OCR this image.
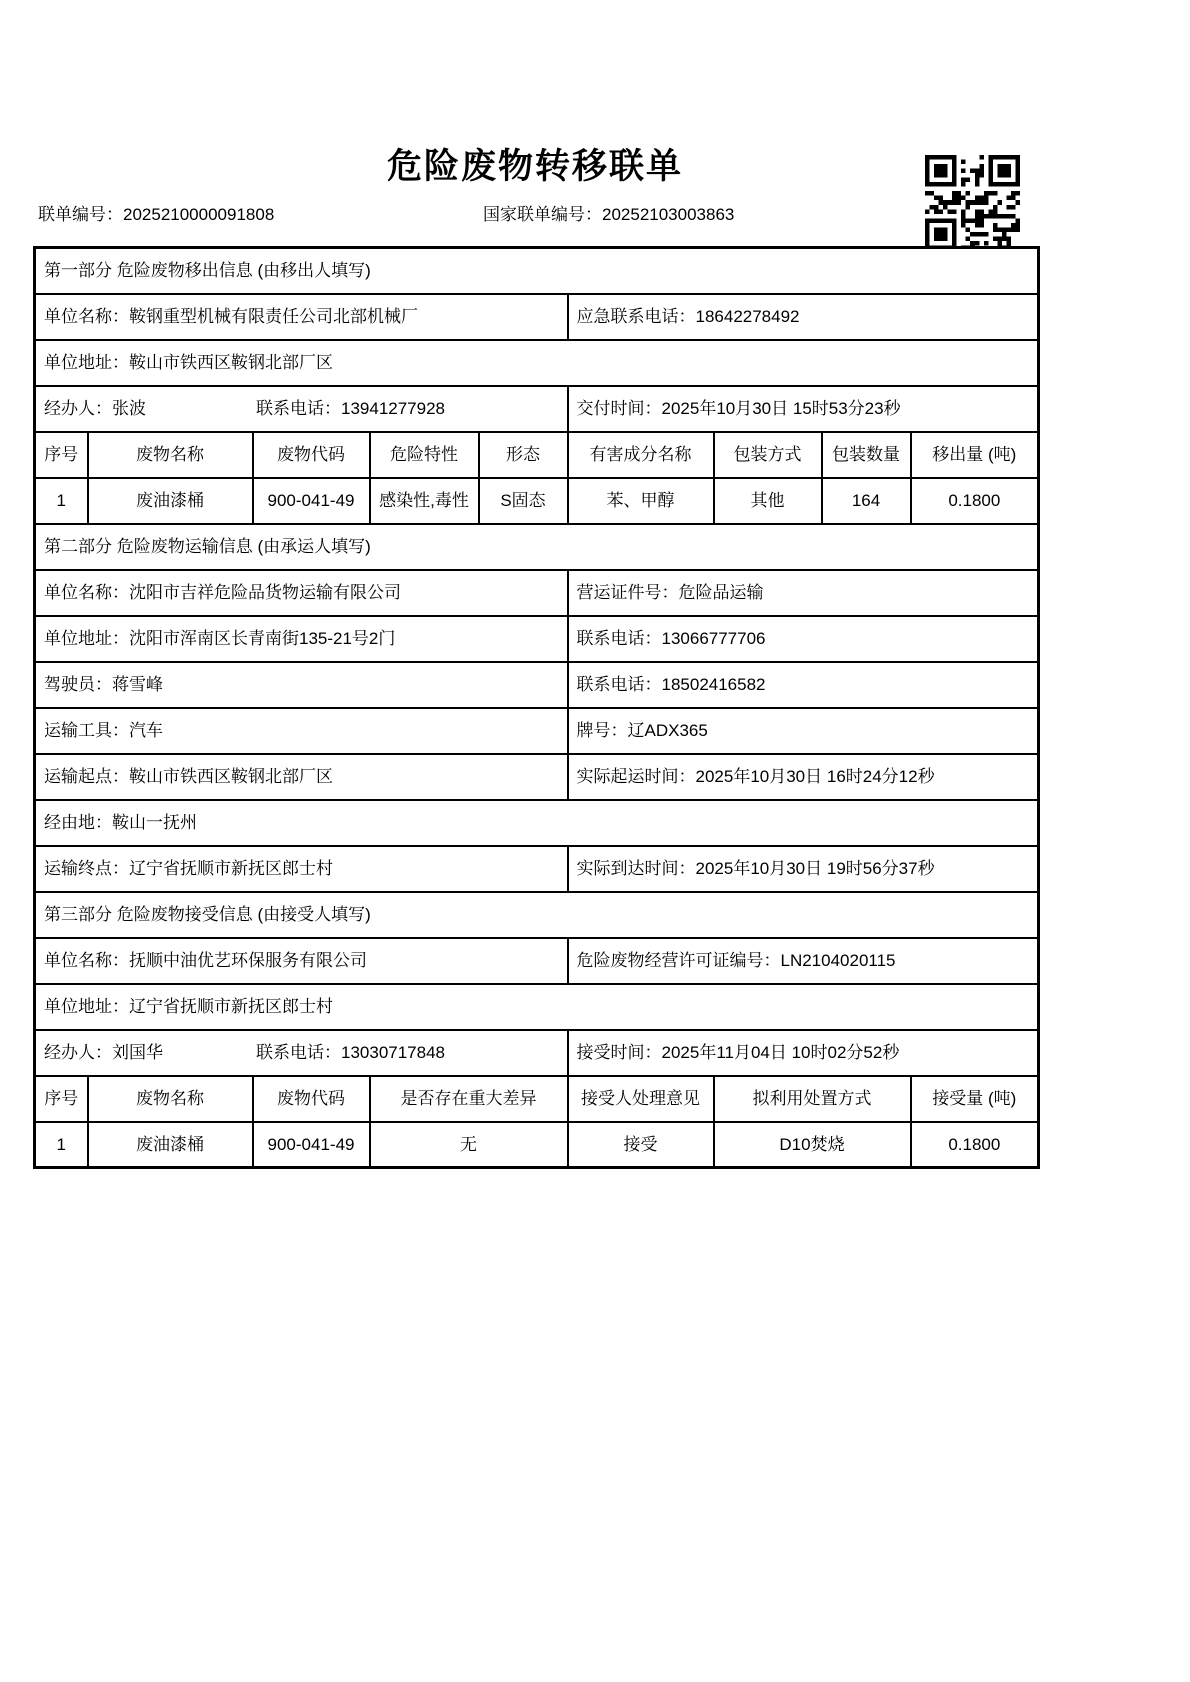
危险废物转移联单
联单编号：2025210000091808	国家联单编号：20252103003863
第一部分 危险废物移出信息 (由移出人填写)								
单位名称：鞍钢重型机械有限责任公司北部机械厂					应急联系电话：18642278492			
单位地址：鞍山市铁西区鞍钢北部厂区								
经办人：张波 联系电话：13941277928					交付时间：2025年10月30日 15时53分23秒			
序号	废物名称	废物代码	危险特性	形态	有害成分名称	包装方式	包装数量	移出量 (吨)
1	废油漆桶	900-041-49	感染性,毒性	S固态	苯、甲醇	其他	164	0.1800
第二部分 危险废物运输信息 (由承运人填写)								
单位名称：沈阳市吉祥危险品货物运输有限公司					营运证件号：危险品运输			
单位地址：沈阳市浑南区长青南街135-21号2门					联系电话：13066777706			
驾驶员：蒋雪峰					联系电话：18502416582			
运输工具：汽车					牌号：辽ADX365			
运输起点：鞍山市铁西区鞍钢北部厂区					实际起运时间：2025年10月30日 16时24分12秒			
经由地：鞍山一抚州								
运输终点：辽宁省抚顺市新抚区郎士村					实际到达时间：2025年10月30日 19时56分37秒			
第三部分 危险废物接受信息 (由接受人填写)								
单位名称：抚顺中油优艺环保服务有限公司					危险废物经营许可证编号：LN2104020115			
单位地址：辽宁省抚顺市新抚区郎士村								
经办人：刘国华 联系电话：13030717848					接受时间：2025年11月04日 10时02分52秒			
序号	废物名称	废物代码	是否存在重大差异		接受人处理意见	拟利用处置方式		接受量 (吨)
1	废油漆桶	900-041-49	无		接受	D10焚烧		0.1800
